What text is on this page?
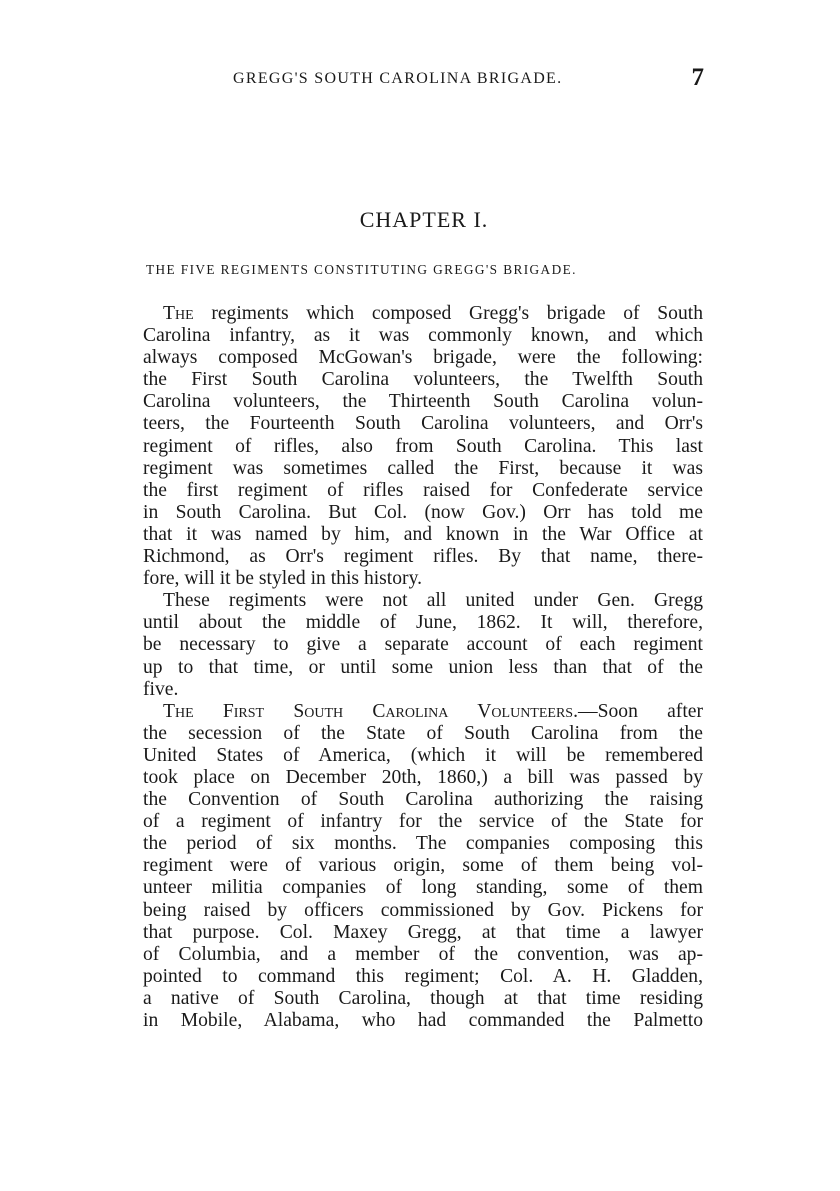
GREGG'S SOUTH CAROLINA BRIGADE.	7
CHAPTER I.
THE FIVE REGIMENTS CONSTITUTING GREGG'S BRIGADE.
The regiments which composed Gregg's brigade of South
Carolina infantry, as it was commonly known, and which
always composed McGowan's brigade, were the following:
the First South Carolina volunteers, the Twelfth South
Carolina volunteers, the Thirteenth South Carolina volun-
teers, the Fourteenth South Carolina volunteers, and Orr's
regiment of rifles, also from South Carolina. This last
regiment was sometimes called the First, because it was
the first regiment of rifles raised for Confederate service
in South Carolina. But Col. (now Gov.) Orr has told me
that it was named by him, and known in the War Office at
Richmond, as Orr's regiment rifles. By that name, there-
fore, will it be styled in this history.
These regiments were not all united under Gen. Gregg
until about the middle of June, 1862. It will, therefore,
be necessary to give a separate account of each regiment
up to that time, or until some union less than that of the
five.
The First South Carolina Volunteers.—Soon after
the secession of the State of South Carolina from the
United States of America, (which it will be remembered
took place on December 20th, 1860,) a bill was passed by
the Convention of South Carolina authorizing the raising
of a regiment of infantry for the service of the State for
the period of six months. The companies composing this
regiment were of various origin, some of them being vol-
unteer militia companies of long standing, some of them
being raised by officers commissioned by Gov. Pickens for
that purpose. Col. Maxey Gregg, at that time a lawyer
of Columbia, and a member of the convention, was ap-
pointed to command this regiment; Col. A. H. Gladden,
a native of South Carolina, though at that time residing
in Mobile, Alabama, who had commanded the Palmetto
